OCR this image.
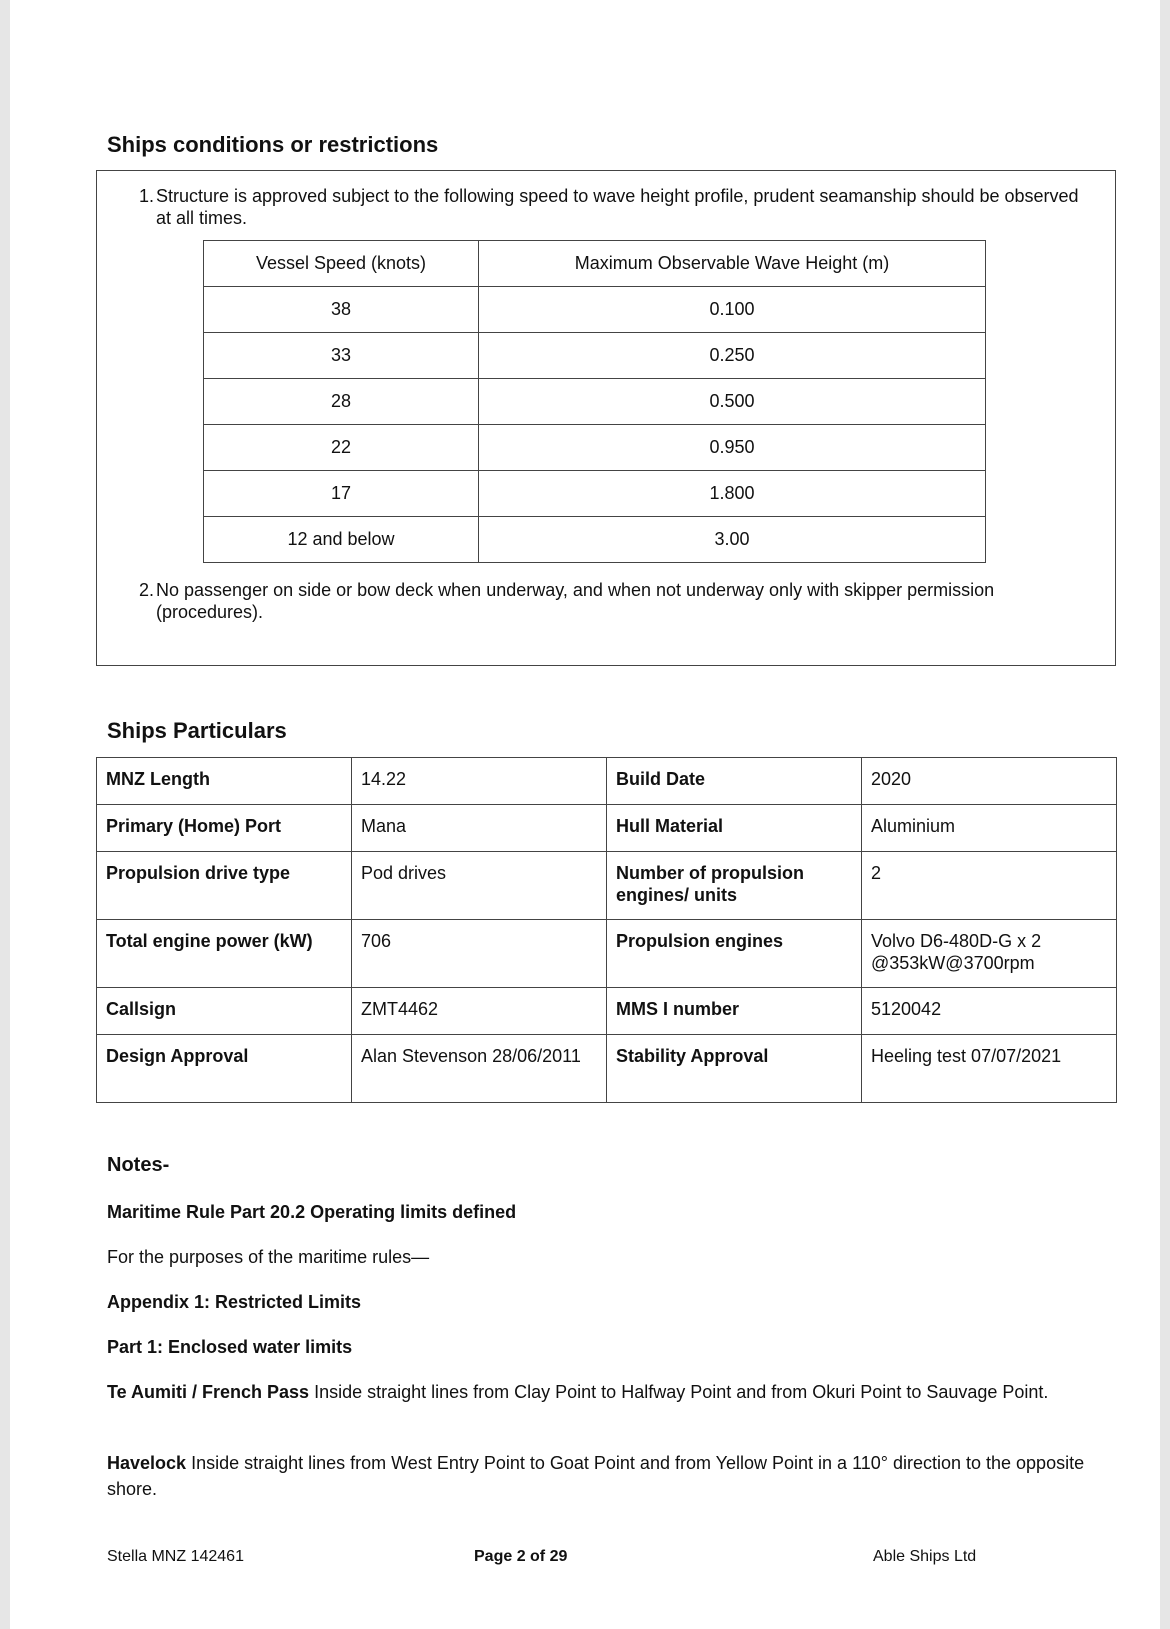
Ships conditions or restrictions
1. Structure is approved subject to the following speed to wave height profile, prudent seamanship should be observed at all times.
2. No passenger on side or bow deck when underway, and when not underway only with skipper permission (procedures).
Vessel Speed (knots)	Maximum Observable Wave Height (m)
38	0.100
33	0.250
28	0.500
22	0.950
17	1.800
12 and below	3.00
Ships Particulars
MNZ Length	14.22	Build Date	2020
Primary (Home) Port	Mana	Hull Material	Aluminium
Propulsion drive type	Pod drives	Number of propulsion engines/ units	2
Total engine power (kW)	706	Propulsion engines	Volvo D6-480D-G x 2 @353kW@3700rpm
Callsign	ZMT4462	MMS I number	5120042
Design Approval	Alan Stevenson 28/06/2011	Stability Approval	Heeling test 07/07/2021
Notes-
Maritime Rule Part 20.2 Operating limits defined
For the purposes of the maritime rules—
Appendix 1: Restricted Limits
Part 1: Enclosed water limits
Te Aumiti / French Pass Inside straight lines from Clay Point to Halfway Point and from Okuri Point to Sauvage Point.
Havelock Inside straight lines from West Entry Point to Goat Point and from Yellow Point in a 110° direction to the opposite shore.
Stella MNZ 142461	Page 2 of 29	Able Ships Ltd
